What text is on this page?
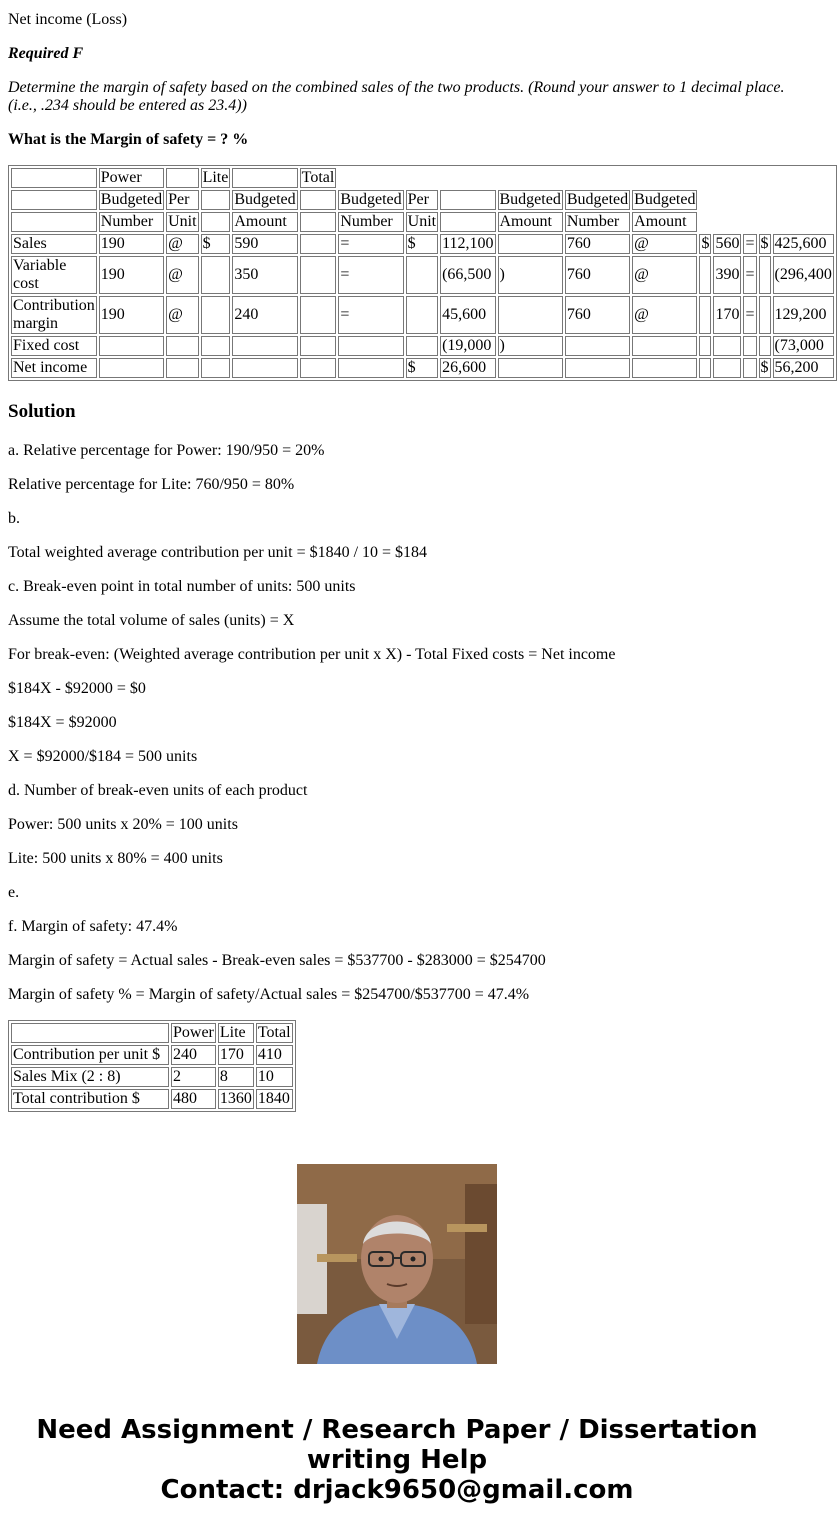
Net income (Loss)

Required F

Determine the margin of safety based on the combined sales of the two products. (Round your answer to 1 decimal place. (i.e., .234 should be entered as 23.4))

What is the Margin of safety = ? %

	Power		Lite		Total											
	Budgeted	Per		Budgeted		Budgeted	Per		Budgeted	Budgeted	Budgeted					
	Number	Unit		Amount		Number	Unit		Amount	Number	Amount					
Sales	190	@	$	590		=	$	112,100		760	@	$	560	=	$	425,600
Variable cost	190	@		350		=		(66,500	)	760	@		390	=		(296,400
Contribution margin	190	@		240		=		45,600		760	@		170	=		129,200
Fixed cost								(19,000	)							(73,000
Net income							$	26,600							$	56,200
Solution

a. Relative percentage for Power: 190/950 = 20%

Relative percentage for Lite: 760/950 = 80%

b.

Total weighted average contribution per unit = $1840 / 10 = $184

c. Break-even point in total number of units: 500 units

Assume the total volume of sales (units) = X

For break-even: (Weighted average contribution per unit x X) - Total Fixed costs = Net income

$184X - $92000 = $0

$184X = $92000

X = $92000/$184 = 500 units

d. Number of break-even units of each product

Power: 500 units x 20% = 100 units

Lite: 500 units x 80% = 400 units

e.

f. Margin of safety: 47.4%

Margin of safety = Actual sales - Break-even sales = $537700 - $283000 = $254700

Margin of safety % = Margin of safety/Actual sales = $254700/$537700 = 47.4%

	Power	Lite	Total
Contribution per unit $	240	170	410
Sales Mix (2 : 8)	2	8	10
Total contribution $	480	1360	1840
Need Assignment / Research Paper / Dissertation
writing Help
Contact: drjack9650@gmail.com
